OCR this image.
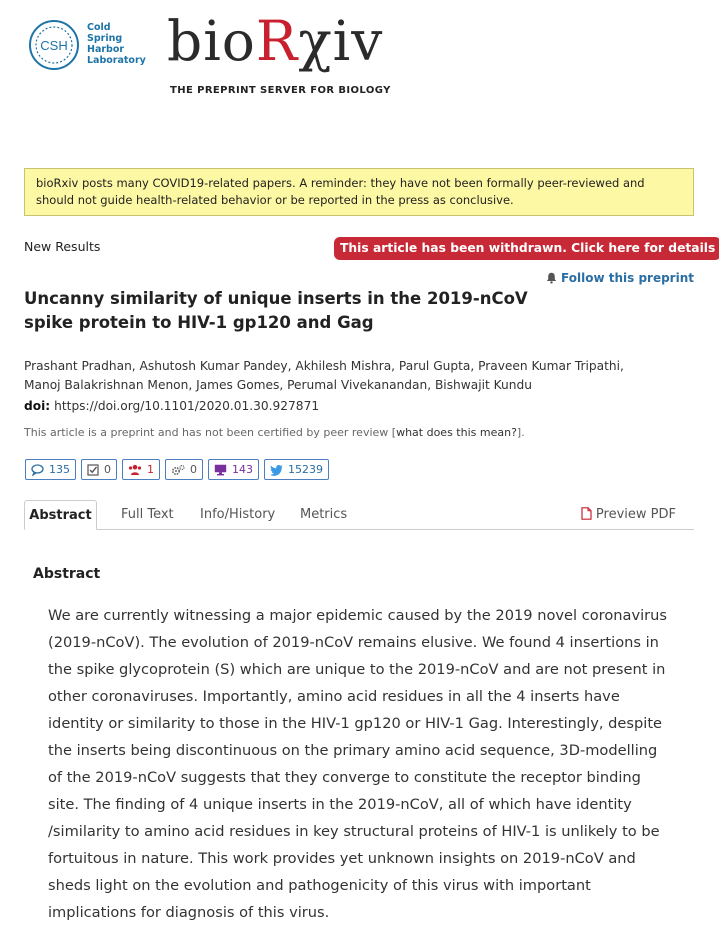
CSH
Cold
Spring
Harbor
Laboratory bioRχiv
THE PREPRINT SERVER FOR BIOLOGY
bioRxiv posts many COVID19-related papers. A reminder: they have not been formally peer-reviewed and should not guide health-related behavior or be reported in the press as conclusive.
New Results	This article has been withdrawn. Click here for details
Follow this preprint
Uncanny similarity of unique inserts in the 2019-nCoV spike protein to HIV-1 gp120 and Gag
Prashant Pradhan, Ashutosh Kumar Pandey, Akhilesh Mishra, Parul Gupta, Praveen Kumar Tripathi,
Manoj Balakrishnan Menon, James Gomes, Perumal Vivekanandan, Bishwajit Kundu
doi: https://doi.org/10.1101/2020.01.30.927871
This article is a preprint and has not been certified by peer review [what does this mean?].
135	0	1	0	143	15239
Abstract	Full Text Info/History Metrics	Preview PDF
Abstract
We are currently witnessing a major epidemic caused by the 2019 novel coronavirus (2019-nCoV). The evolution of 2019-nCoV remains elusive. We found 4 insertions in the spike glycoprotein (S) which are unique to the 2019-nCoV and are not present in other coronaviruses. Importantly, amino acid residues in all the 4 inserts have identity or similarity to those in the HIV-1 gp120 or HIV-1 Gag. Interestingly, despite the inserts being discontinuous on the primary amino acid sequence, 3D-modelling of the 2019-nCoV suggests that they converge to constitute the receptor binding site. The finding of 4 unique inserts in the 2019-nCoV, all of which have identity /similarity to amino acid residues in key structural proteins of HIV-1 is unlikely to be fortuitous in nature. This work provides yet unknown insights on 2019-nCoV and sheds light on the evolution and pathogenicity of this virus with important implications for diagnosis of this virus.
